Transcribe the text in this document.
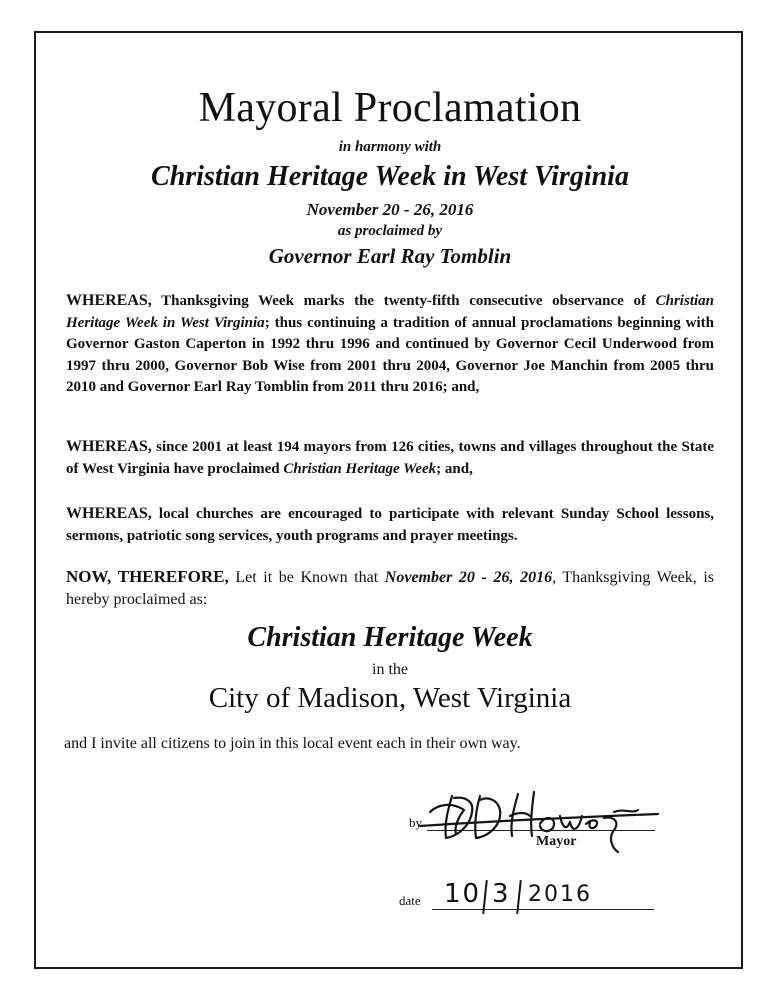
Mayoral Proclamation
in harmony with
Christian Heritage Week in West Virginia
November 20 - 26, 2016
as proclaimed by
Governor Earl Ray Tomblin

WHEREAS, Thanksgiving Week marks the twenty-fifth consecutive observance of Christian Heritage Week in West Virginia; thus continuing a tradition of annual proclamations beginning with Governor Gaston Caperton in 1992 thru 1996 and continued by Governor Cecil Underwood from 1997 thru 2000, Governor Bob Wise from 2001 thru 2004, Governor Joe Manchin from 2005 thru 2010 and Governor Earl Ray Tomblin from 2011 thru 2016; and,

WHEREAS, since 2001 at least 194 mayors from 126 cities, towns and villages throughout the State of West Virginia have proclaimed Christian Heritage Week; and,

WHEREAS, local churches are encouraged to participate with relevant Sunday School lessons, sermons, patriotic song services, youth programs and prayer meetings.

NOW, THEREFORE, Let it be Known that November 20 - 26, 2016, Thanksgiving Week, is hereby proclaimed as:

Christian Heritage Week
in the
City of Madison, West Virginia
and I invite all citizens to join in this local event each in their own way.
by
Mayor
date 10 3 2016
